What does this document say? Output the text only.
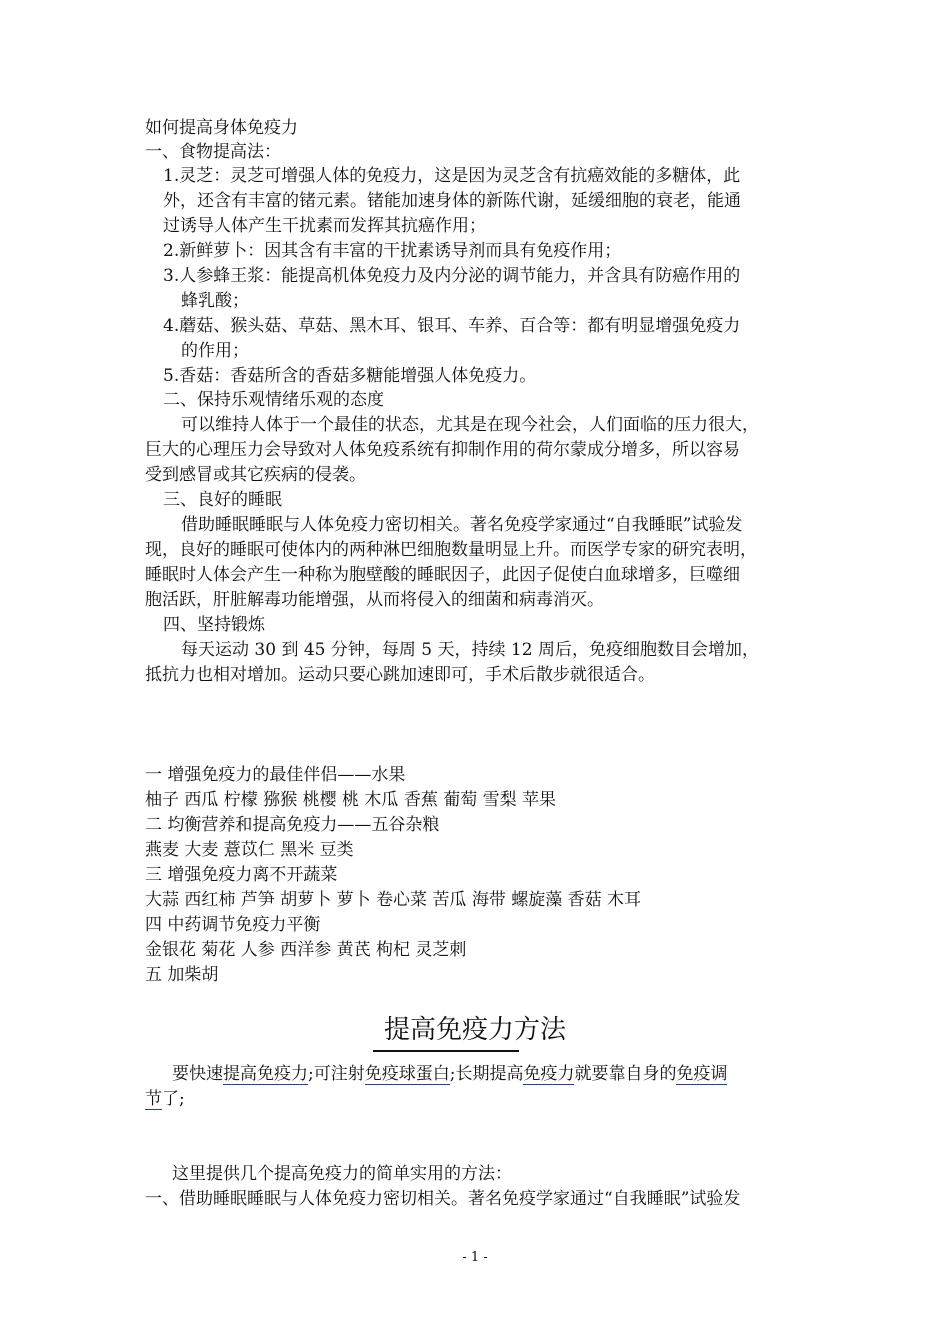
如何提高身体免疫力
一、食物提高法：
1.灵芝：灵芝可增强人体的免疫力，这是因为灵芝含有抗癌效能的多糖体，此
外，还含有丰富的锗元素。锗能加速身体的新陈代谢，延缓细胞的衰老，能通
过诱导人体产生干扰素而发挥其抗癌作用；
2.新鲜萝卜：因其含有丰富的干扰素诱导剂而具有免疫作用；
3.人参蜂王浆：能提高机体免疫力及内分泌的调节能力，并含具有防癌作用的
蜂乳酸；
4.蘑菇、猴头菇、草菇、黑木耳、银耳、车养、百合等：都有明显增强免疫力
的作用；
5.香菇：香菇所含的香菇多糖能增强人体免疫力。
二、保持乐观情绪乐观的态度
可以维持人体于一个最佳的状态，尤其是在现今社会，人们面临的压力很大，
巨大的心理压力会导致对人体免疫系统有抑制作用的荷尔蒙成分增多，所以容易
受到感冒或其它疾病的侵袭。
三、良好的睡眠
借助睡眠睡眠与人体免疫力密切相关。著名免疫学家通过“自我睡眠”试验发
现，良好的睡眠可使体内的两种淋巴细胞数量明显上升。而医学专家的研究表明，
睡眠时人体会产生一种称为胞壁酸的睡眠因子，此因子促使白血球增多，巨噬细
胞活跃，肝脏解毒功能增强，从而将侵入的细菌和病毒消灭。
四、坚持锻炼
每天运动 30 到 45 分钟，每周 5 天，持续 12 周后，免疫细胞数目会增加，
抵抗力也相对增加。运动只要心跳加速即可，手术后散步就很适合。
一 增强免疫力的最佳伴侣——水果
柚子 西瓜 柠檬 猕猴 桃樱 桃 木瓜 香蕉 葡萄 雪梨 苹果
二 均衡营养和提高免疫力——五谷杂粮
燕麦 大麦 薏苡仁 黑米 豆类
三 增强免疫力离不开蔬菜
大蒜 西红柿 芦笋 胡萝卜 萝卜 卷心菜 苦瓜 海带 螺旋藻 香菇 木耳
四 中药调节免疫力平衡
金银花 菊花 人参 西洋参 黄芪 枸杞 灵芝刺
五 加柴胡
提高免疫力方法
要快速提高免疫力;可注射免疫球蛋白;长期提高免疫力就要靠自身的免疫调
节了;
这里提供几个提高免疫力的简单实用的方法：
一、借助睡眠睡眠与人体免疫力密切相关。著名免疫学家通过“自我睡眠”试验发
- 1 -
